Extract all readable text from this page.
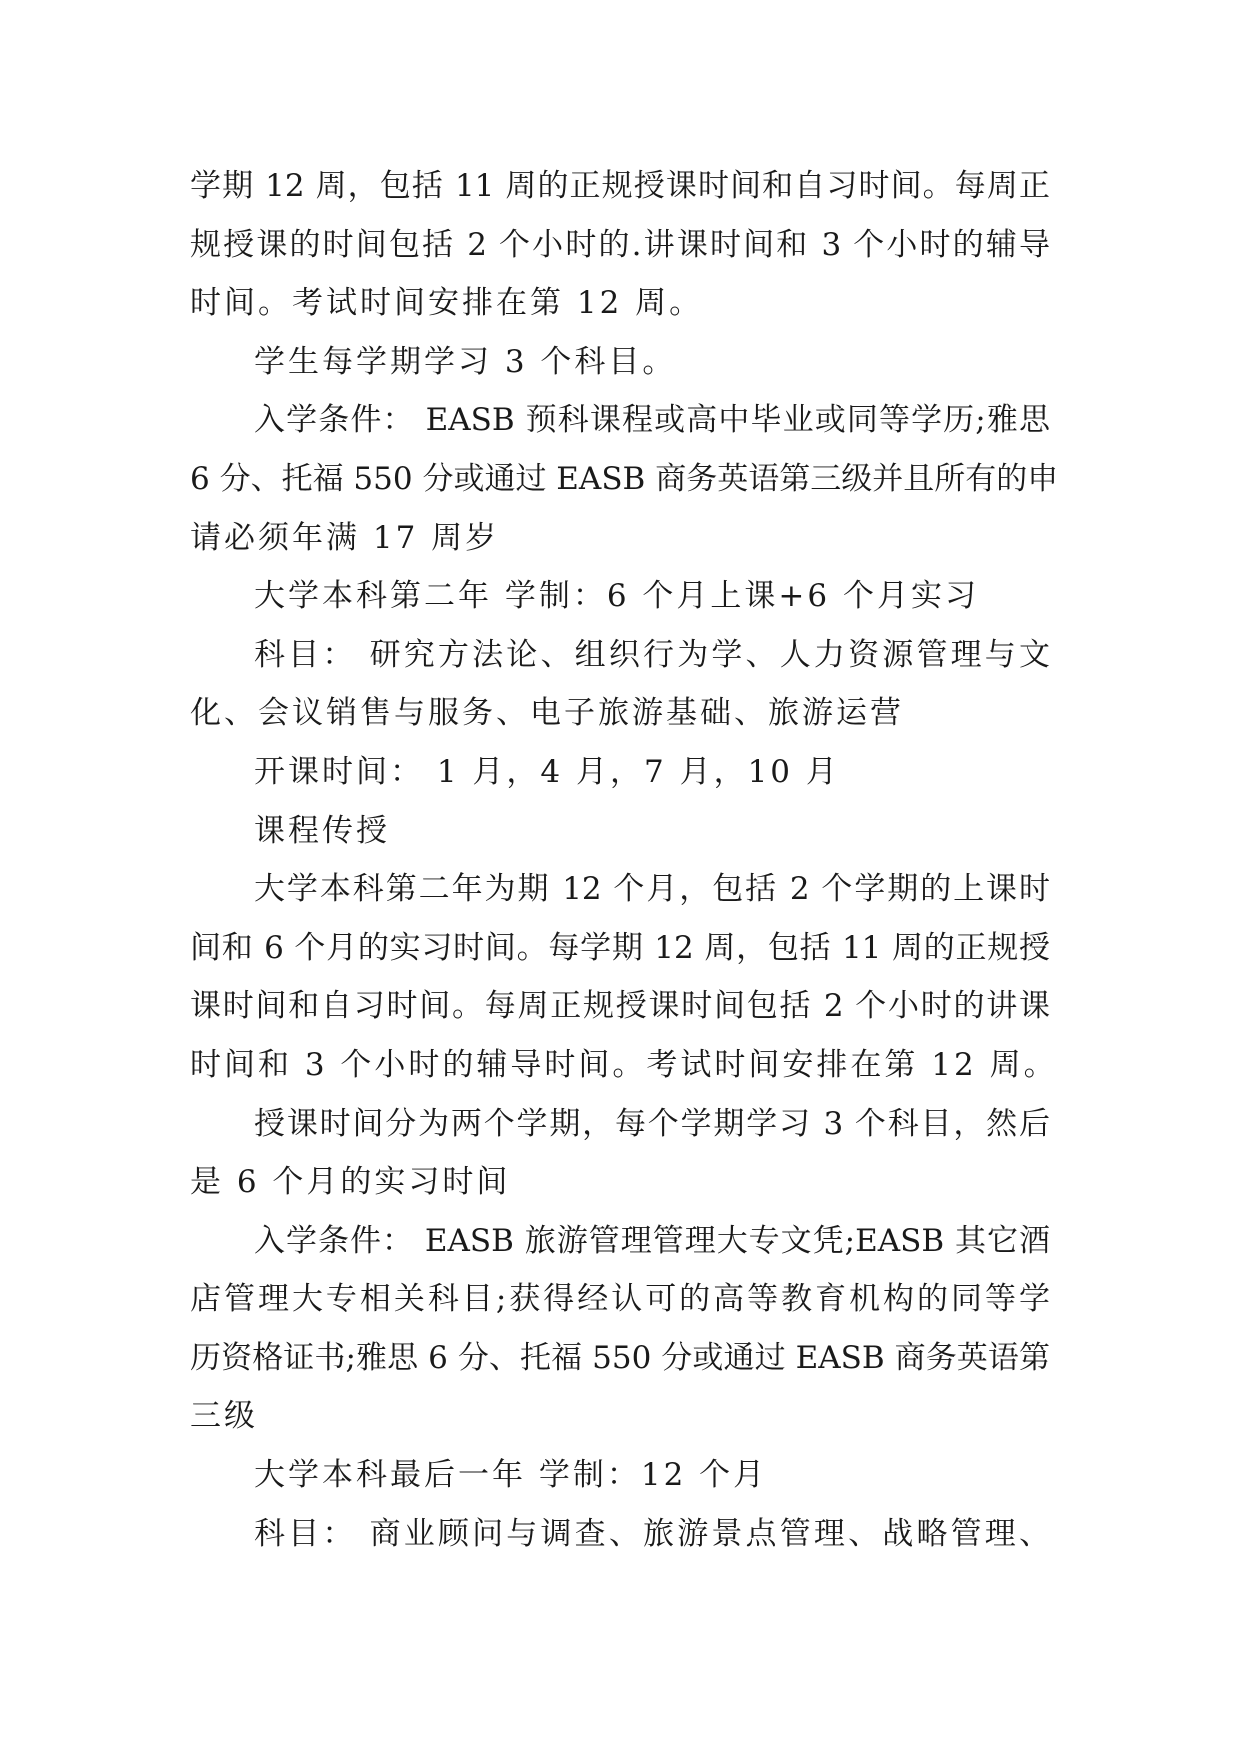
学期 12 周，包括 11 周的正规授课时间和自习时间。每周正
规授课的时间包括 2 个小时的.讲课时间和 3 个小时的辅导
时间。考试时间安排在第 12 周。
学生每学期学习 3 个科目。
入学条件： EASB 预科课程或高中毕业或同等学历;雅思
6 分、托福 550 分或通过 EASB 商务英语第三级并且所有的申
请必须年满 17 周岁
大学本科第二年 学制：6 个月上课+6 个月实习
科目： 研究方法论、组织行为学、人力资源管理与文
化、会议销售与服务、电子旅游基础、旅游运营
开课时间： 1 月，4 月，7 月，10 月
课程传授
大学本科第二年为期 12 个月，包括 2 个学期的上课时
间和 6 个月的实习时间。每学期 12 周，包括 11 周的正规授
课时间和自习时间。每周正规授课时间包括 2 个小时的讲课
时间和 3 个小时的辅导时间。考试时间安排在第 12 周。
授课时间分为两个学期，每个学期学习 3 个科目，然后
是 6 个月的实习时间
入学条件： EASB 旅游管理管理大专文凭;EASB 其它酒
店管理大专相关科目;获得经认可的高等教育机构的同等学
历资格证书;雅思 6 分、托福 550 分或通过 EASB 商务英语第
三级
大学本科最后一年 学制：12 个月
科目： 商业顾问与调查、旅游景点管理、战略管理、
